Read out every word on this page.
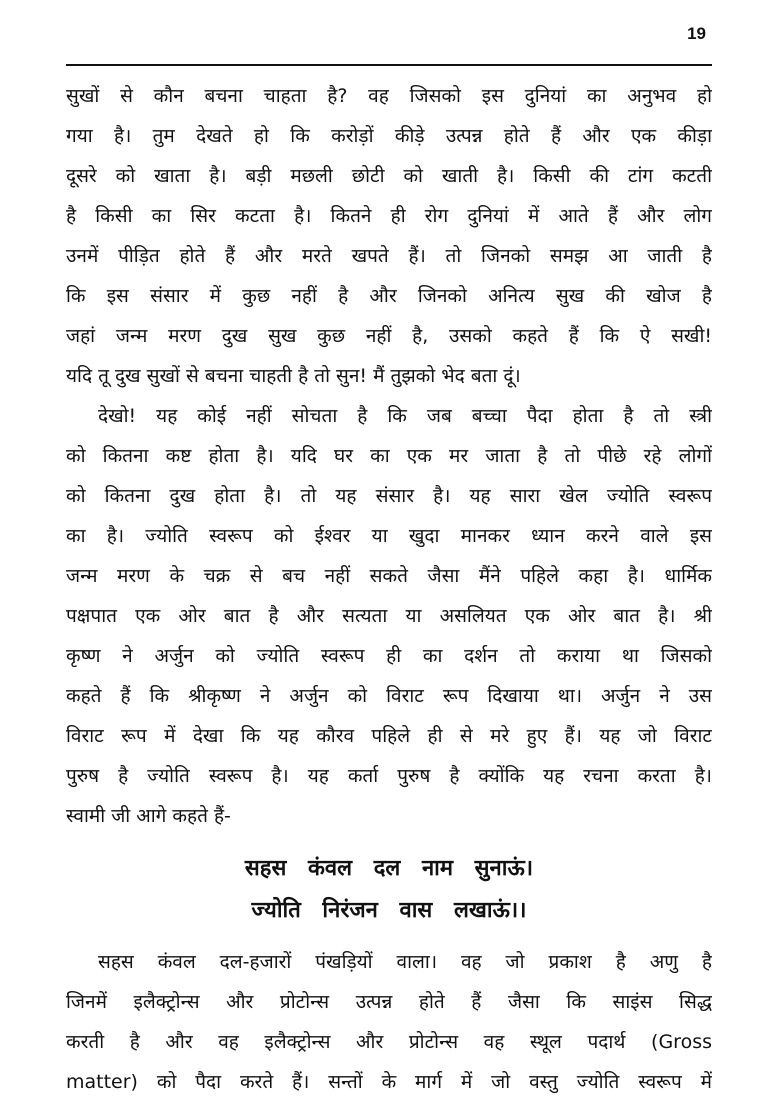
19
सुखों से कौन बचना चाहता है? वह जिसको इस दुनियां का अनुभव हो
गया है। तुम देखते हो कि करोड़ों कीड़े उत्पन्न होते हैं और एक कीड़ा
दूसरे को खाता है। बड़ी मछली छोटी को खाती है। किसी की टांग कटती
है किसी का सिर कटता है। कितने ही रोग दुनियां में आते हैं और लोग
उनमें पीड़ित होते हैं और मरते खपते हैं। तो जिनको समझ आ जाती है
कि इस संसार में कुछ नहीं है और जिनको अनित्य सुख की खोज है
जहां जन्म मरण दुख सुख कुछ नहीं है, उसको कहते हैं कि ऐ सखी!
यदि तू दुख सुखों से बचना चाहती है तो सुन! मैं तुझको भेद बता दूं।
देखो! यह कोई नहीं सोचता है कि जब बच्चा पैदा होता है तो स्त्री
को कितना कष्ट होता है। यदि घर का एक मर जाता है तो पीछे रहे लोगों
को कितना दुख होता है। तो यह संसार है। यह सारा खेल ज्योति स्वरूप
का है। ज्योति स्वरूप को ईश्वर या खुदा मानकर ध्यान करने वाले इस
जन्म मरण के चक्र से बच नहीं सकते जैसा मैंने पहिले कहा है। धार्मिक
पक्षपात एक ओर बात है और सत्यता या असलियत एक ओर बात है। श्री
कृष्ण ने अर्जुन को ज्योति स्वरूप ही का दर्शन तो कराया था जिसको
कहते हैं कि श्रीकृष्ण ने अर्जुन को विराट रूप दिखाया था। अर्जुन ने उस
विराट रूप में देखा कि यह कौरव पहिले ही से मरे हुए हैं। यह जो विराट
पुरुष है ज्योति स्वरूप है। यह कर्ता पुरुष है क्योंकि यह रचना करता है।
स्वामी जी आगे कहते हैं-
सहस कंवल दल नाम सुनाऊं।
ज्योति निरंजन वास लखाऊं।।
सहस कंवल दल-हजारों पंखड़ियों वाला। वह जो प्रकाश है अणु है
जिनमें इलैक्ट्रोन्स और प्रोटोन्स उत्पन्न होते हैं जैसा कि साइंस सिद्ध
करती है और वह इलैक्ट्रोन्स और प्रोटोन्स वह स्थूल पदार्थ (Gross
matter) को पैदा करते हैं। सन्तों के मार्ग में जो वस्तु ज्योति स्वरूप में
